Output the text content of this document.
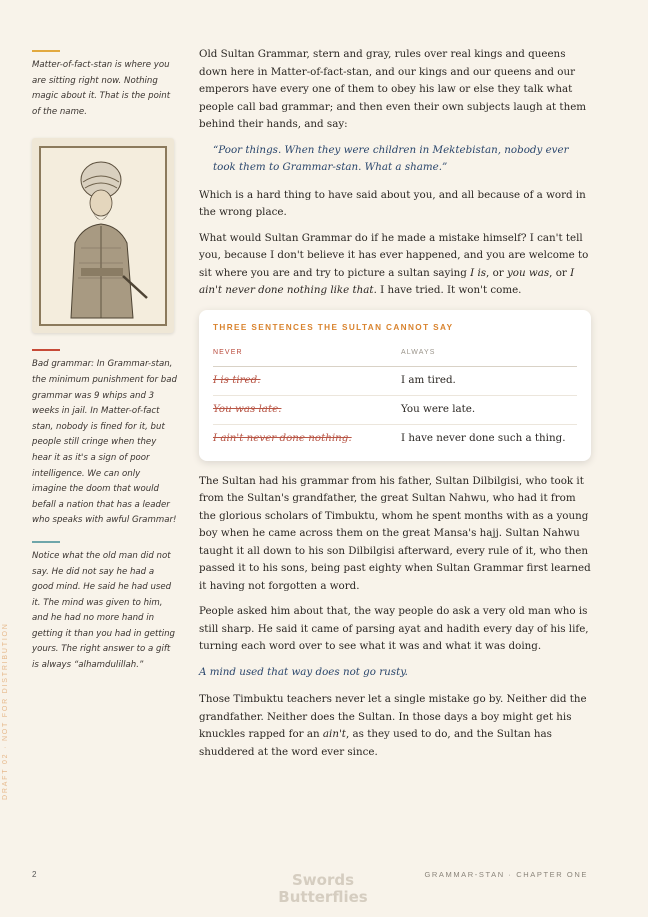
DRAFT 02 · NOT FOR DISTRIBUTION
Matter-of-fact-stan is where you are sitting right now. Nothing magic about it. That is the point of the name.
Bad grammar: In Grammar-stan, the minimum punishment for bad grammar was 9 whips and 3 weeks in jail. In Matter-of-fact stan, nobody is fined for it, but people still cringe when they hear it as it's a sign of poor intelligence. We can only imagine the doom that would befall a nation that has a leader who speaks with awful Grammar!
Notice what the old man did not say. He did not say he had a good mind. He said he had used it. The mind was given to him, and he had no more hand in getting it than you had in getting yours. The right answer to a gift is always “alhamdulillah.”

Old Sultan Grammar, stern and gray, rules over real kings and queens down here in Matter-of-fact-stan, and our kings and our queens and our emperors have every one of them to obey his law or else they talk what people call bad grammar; and then even their own subjects laugh at them behind their hands, and say:

“Poor things. When they were children in Mektebistan, nobody ever took them to Grammar-stan. What a shame.”

Which is a hard thing to have said about you, and all because of a word in the wrong place.

What would Sultan Grammar do if he made a mistake himself? I can't tell you, because I don't believe it has ever happened, and you are welcome to sit where you are and try to picture a sultan saying I is, or you was, or I ain't never done nothing like that. I have tried. It won't come.

THREE SENTENCES THE SULTAN CANNOT SAY
NEVER	ALWAYS
I is tired.	I am tired.
You was late.	You were late.
I ain't never done nothing.	I have never done such a thing.

The Sultan had his grammar from his father, Sultan Dilbilgisi, who took it from the Sultan's grandfather, the great Sultan Nahwu, who had it from the glorious scholars of Timbuktu, whom he spent months with as a young boy when he came across them on the great Mansa's hajj. Sultan Nahwu taught it all down to his son Dilbilgisi afterward, every rule of it, who then passed it to his sons, being past eighty when Sultan Grammar first learned it having not forgotten a word.

People asked him about that, the way people do ask a very old man who is still sharp. He said it came of parsing ayat and hadith every day of his life, turning each word over to see what it was and what it was doing.

A mind used that way does not go rusty.

Those Timbuktu teachers never let a single mistake go by. Neither did the grandfather. Neither does the Sultan. In those days a boy might get his knuckles rapped for an ain't, as they used to do, and the Sultan has shuddered at the word ever since.

2	Swords
Butterflies
GRAMMAR-STAN · CHAPTER ONE
